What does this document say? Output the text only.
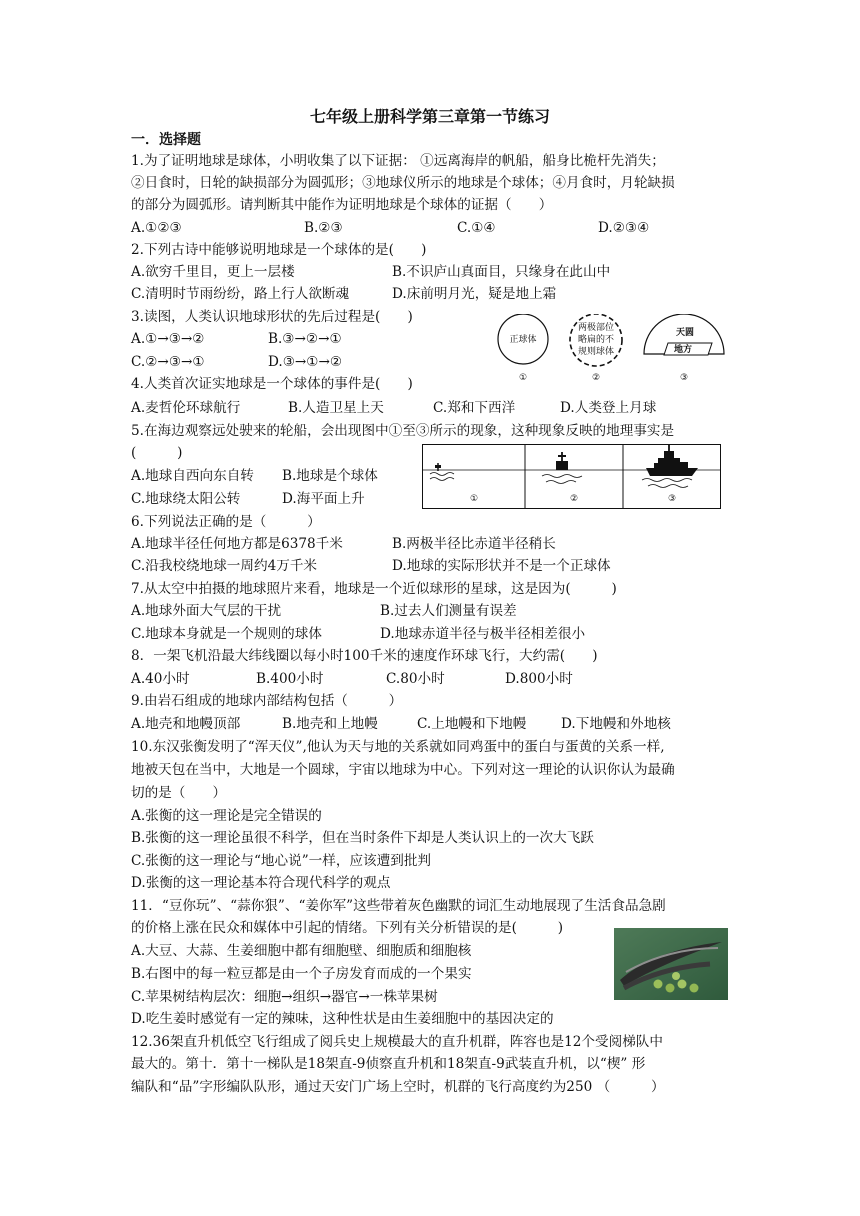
七年级上册科学第三章第一节练习
一．选择题
1.为了证明地球是球体，小明收集了以下证据： ①远离海岸的帆船，船身比桅杆先消失；
②日食时，日轮的缺损部分为圆弧形；③地球仪所示的地球是个球体；④月食时，月轮缺损
的部分为圆弧形。请判断其中能作为证明地球是个球体的证据（　　）
A.①②③	B.②③	C.①④	D.②③④
2.下列古诗中能够说明地球是一个球体的是(　　)
A.欲穷千里目，更上一层楼	B.不识庐山真面目，只缘身在此山中
C.清明时节雨纷纷，路上行人欲断魂	D.床前明月光，疑是地上霜
3.读图，人类认识地球形状的先后过程是(　　)
A.①→③→②	B.③→②→①
C.②→③→①	D.③→①→②
正球体
两极部位
略扁的不
规则球体
天圆
地方
①	②	③
4.人类首次证实地球是一个球体的事件是(　　)
A.麦哲伦环球航行	B.人造卫星上天	C.郑和下西洋	D.人类登上月球
5.在海边观察远处驶来的轮船，会出现图中①至③所示的现象，这种现象反映的地理事实是
(　　　)
A.地球自西向东自转 B.地球是个球体
C.地球绕太阳公转	D.海平面上升	①	②	③
6.下列说法正确的是（　　　）
A.地球半径任何地方都是6378千米	B.两极半径比赤道半径稍长
C.沿我校绕地球一周约4万千米	D.地球的实际形状并不是一个正球体
7.从太空中拍摄的地球照片来看，地球是一个近似球形的星球，这是因为(　　　)
A.地球外面大气层的干扰	B.过去人们测量有误差
C.地球本身就是一个规则的球体	D.地球赤道半径与极半径相差很小
8．一架飞机沿最大纬线圈以每小时100千米的速度作环球飞行，大约需(　　)
A.40小时	B.400小时	C.80小时	D.800小时
9.由岩石组成的地球内部结构包括（　　　）
A.地壳和地幔顶部	B.地壳和上地幔	C.上地幔和下地幔	D.下地幔和外地核
10.东汉张衡发明了“浑天仪”,他认为天与地的关系就如同鸡蛋中的蛋白与蛋黄的关系一样,
地被天包在当中，大地是一个圆球，宇宙以地球为中心。下列对这一理论的认识你认为最确
切的是（　　）
A.张衡的这一理论是完全错误的
B.张衡的这一理论虽很不科学，但在当时条件下却是人类认识上的一次大飞跃
C.张衡的这一理论与“地心说”一样，应该遭到批判
D.张衡的这一理论基本符合现代科学的观点
11．“豆你玩”、“蒜你狠”、“姜你军”这些带着灰色幽默的词汇生动地展现了生活食品急剧
的价格上涨在民众和媒体中引起的情绪。下列有关分析错误的是(　　　)
A.大豆、大蒜、生姜细胞中都有细胞壁、细胞质和细胞核
B.右图中的每一粒豆都是由一个子房发育而成的一个果实
C.苹果树结构层次：细胞→组织→器官→一株苹果树
D.吃生姜时感觉有一定的辣味，这种性状是由生姜细胞中的基因决定的
12.36架直升机低空飞行组成了阅兵史上规模最大的直升机群，阵容也是12个受阅梯队中
最大的。第十．第十一梯队是18架直-9侦察直升机和18架直-9武装直升机，以“楔” 形
编队和“品”字形编队队形，通过天安门广场上空时，机群的飞行高度约为250 （　　　）
